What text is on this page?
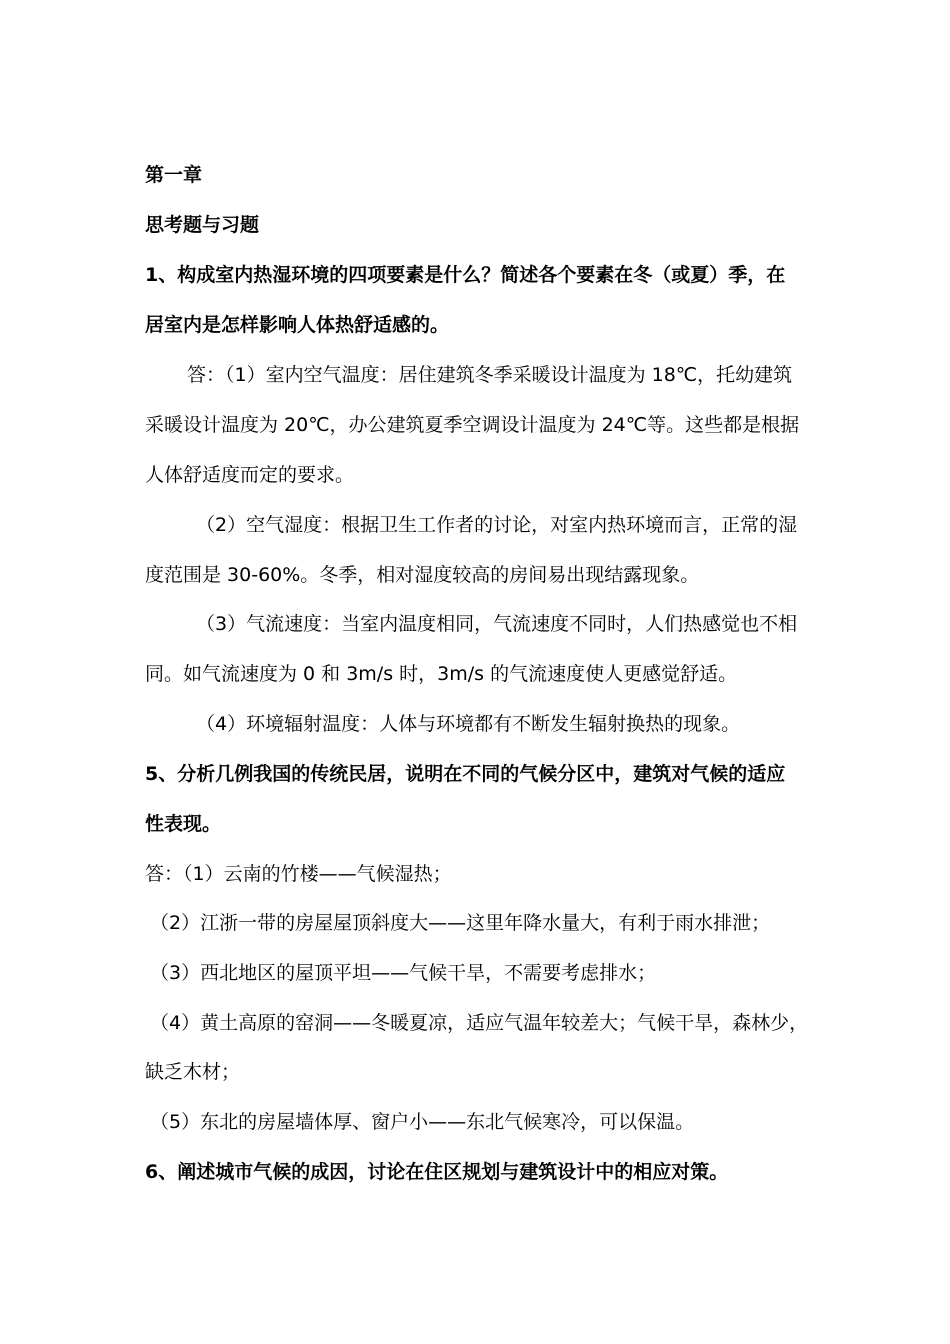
第一章
思考题与习题
1、构成室内热湿环境的四项要素是什么？简述各个要素在冬（或夏）季，在
居室内是怎样影响人体热舒适感的。
答：（1）室内空气温度：居住建筑冬季采暖设计温度为 18℃，托幼建筑
采暖设计温度为 20℃，办公建筑夏季空调设计温度为 24℃等。这些都是根据
人体舒适度而定的要求。
（2）空气湿度：根据卫生工作者的讨论，对室内热环境而言，正常的湿
度范围是 30-60%。冬季，相对湿度较高的房间易出现结露现象。
（3）气流速度：当室内温度相同，气流速度不同时，人们热感觉也不相
同。如气流速度为 0 和 3m/s 时，3m/s 的气流速度使人更感觉舒适。
（4）环境辐射温度：人体与环境都有不断发生辐射换热的现象。
5、分析几例我国的传统民居，说明在不同的气候分区中，建筑对气候的适应
性表现。
答：（1）云南的竹楼——气候湿热；
（2）江浙一带的房屋屋顶斜度大——这里年降水量大，有利于雨水排泄；
（3）西北地区的屋顶平坦——气候干旱，不需要考虑排水；
（4）黄土高原的窑洞——冬暖夏凉，适应气温年较差大；气候干旱，森林少，
缺乏木材；
（5）东北的房屋墙体厚、窗户小——东北气候寒冷，可以保温。
6、阐述城市气候的成因，讨论在住区规划与建筑设计中的相应对策。
